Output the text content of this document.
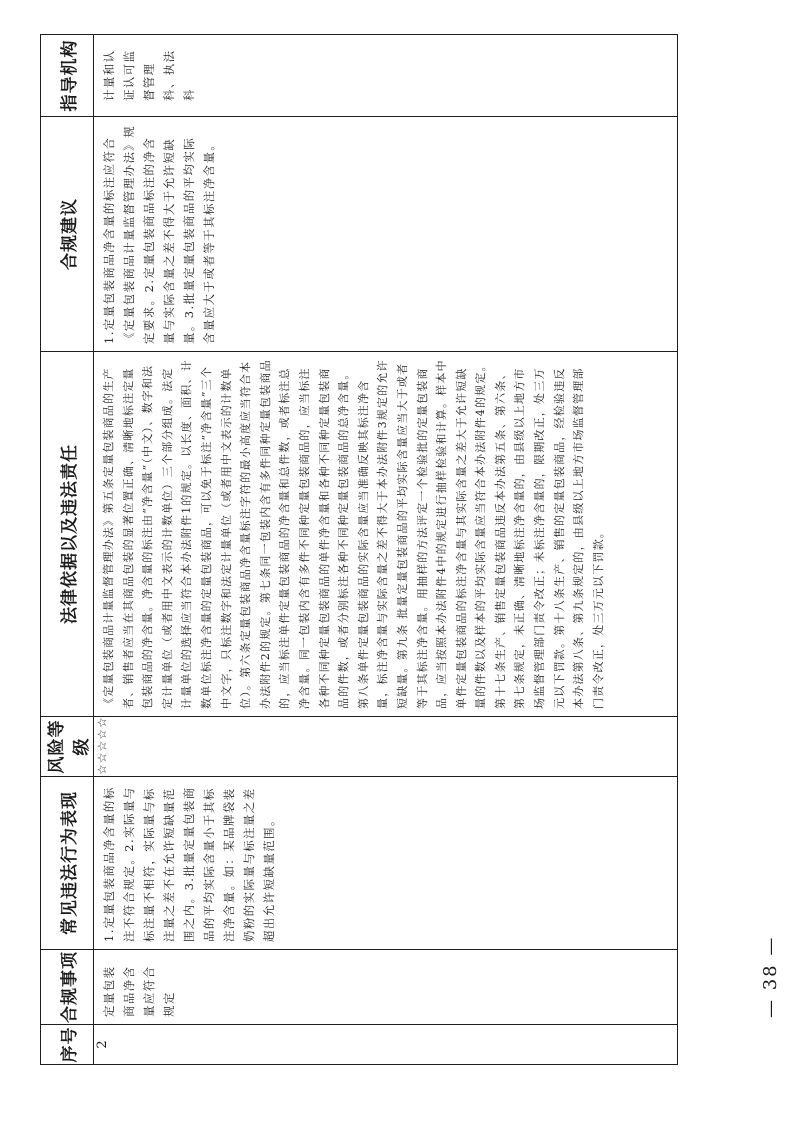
序号	合规事项	常见违法行为表现	风险等级	法律依据以及违法责任	合规建议	指导机构
2	定量包装商品净含量应符合规定	1.定量包装商品净含量的标注不符合规定。2.实际量与标注量不相符，实际量与标注量之差不在允许短缺量范围之内。3.批量定量包装商品的平均实际含量小于其标注净含量。如：某品牌袋装奶粉的实际量与标注量之差超出允许短缺量范围。	☆☆☆☆☆	《定量包装商品计量监督管理办法》第五条定量包装商品的生产者、销售者应当在其商品包装的显著位置正确、清晰地标注定量包装商品的净含量。净含量的标注由“净含量”（中文）、数字和法定计量单位（或者用中文表示的计数单位）三个部分组成。法定计量单位的选择应当符合本办法附件1的规定。以长度、面积、计数单位标注净含量的定量包装商品，可以免于标注“净含量”三个中文字，只标注数字和法定计量单位（或者用中文表示的计数单位）。第六条定量包装商品净含量标注字符的最小高度应当符合本办法附件2的规定。第七条同一包装内含有多件同种定量包装商品的，应当标注单件定量包装商品的净含量和总件数，或者标注总净含量。同一包装内含有多件不同种定量包装商品的，应当标注各种不同种定量包装商品的单件净含量和各种不同种定量包装商品的件数，或者分别标注各种不同种定量包装商品的总净含量。第八条单件定量包装商品的实际含量应当准确反映其标注净含量，标注净含量与实际含量之差不得大于本办法附件3规定的允许短缺量。第九条 批量定量包装商品的平均实际含量应当大于或者等于其标注净含量。用抽样的方法评定一个检验批的定量包装商品，应当按照本办法附件4中的规定进行抽样检验和计算。样本中单件定量包装商品的标注净含量与其实际含量之差大于允许短缺量的件数以及样本的平均实际含量应当符合本办法附件4的规定。第十七条生产、销售定量包装商品违反本办法第五条、第六条、第七条规定，未正确、清晰地标注净含量的，由县级以上地方市场监督管理部门责令改正；未标注净含量的，限期改正，处三万元以下罚款。第十八条生产、销售的定量包装商品，经检验违反本办法第八条、第九条规定的，由县级以上地方市场监督管理部门责令改正，处三万元以下罚款。	1.定量包装商品净含量的标注应符合《定量包装商品计量监督管理办法》规定要求。2.定量包装商品标注的净含量与实际含量之差不得大于允许短缺量。3.批量定量包装商品的平均实际含量应大于或者等于其标注净含量。	计量和认证认可监督管理科、执法科
— 38 —
